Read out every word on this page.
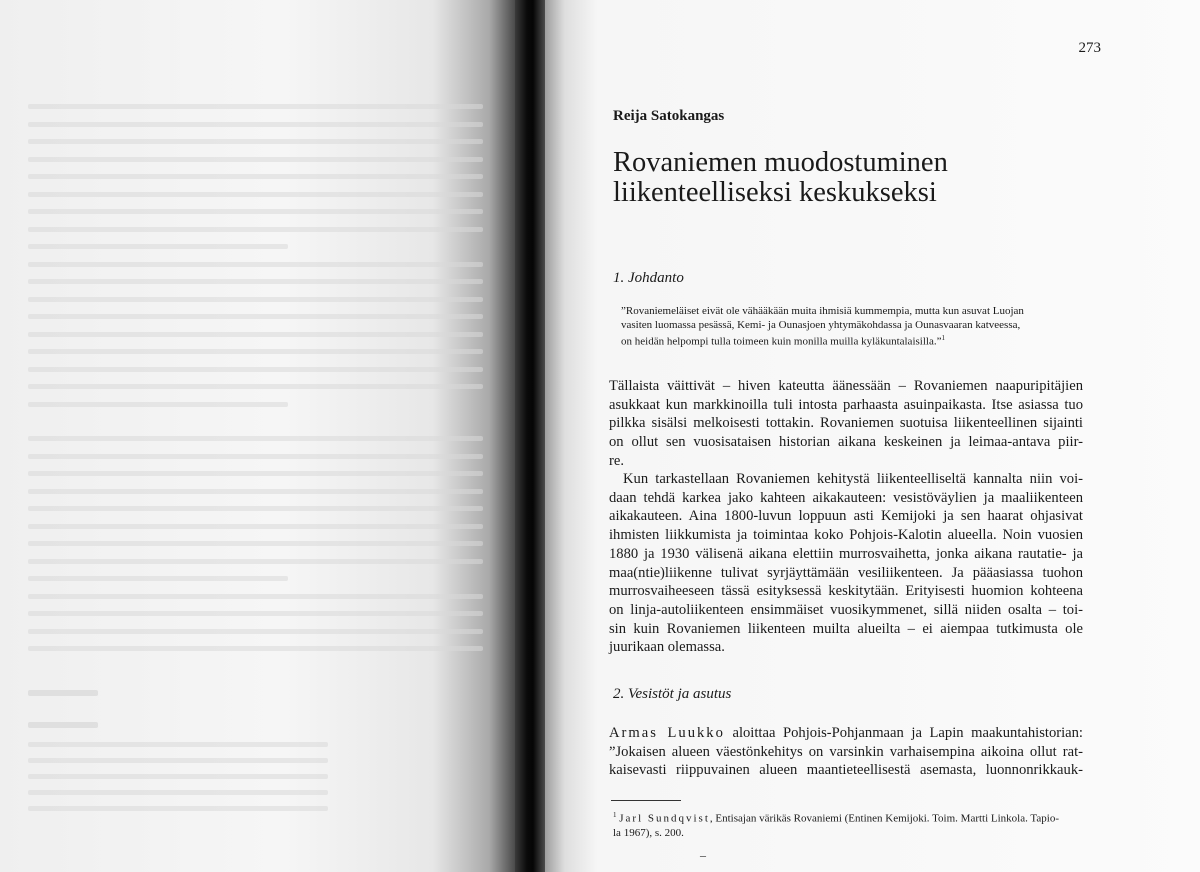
273
Reija Satokangas
Rovaniemen muodostuminen
liikenteelliseksi keskukseksi
1. Johdanto
”Rovaniemeläiset eivät ole vähääkään muita ihmisiä kummempia, mutta kun asuvat Luojan
vasiten luomassa pesässä, Kemi- ja Ounasjoen yhtymäkohdassa ja Ounasvaaran katveessa,
on heidän helpompi tulla toimeen kuin monilla muilla kyläkuntalaisilla.”$^1$
Tällaista väittivät – hiven kateutta äänessään – Rovaniemen naapuripitäjien
asukkaat kun markkinoilla tuli intosta parhaasta asuinpaikasta. Itse asiassa tuo
pilkka sisälsi melkoisesti tottakin. Rovaniemen suotuisa liikenteellinen sijainti
on ollut sen vuosisataisen historian aikana keskeinen ja leimaa-antava piir-
re.
Kun tarkastellaan Rovaniemen kehitystä liikenteelliseltä kannalta niin voi-
daan tehdä karkea jako kahteen aikakauteen: vesistöväylien ja maaliikenteen
aikakauteen. Aina 1800-luvun loppuun asti Kemijoki ja sen haarat ohjasivat
ihmisten liikkumista ja toimintaa koko Pohjois-Kalotin alueella. Noin vuosien
1880 ja 1930 välisenä aikana elettiin murrosvaihetta, jonka aikana rautatie- ja
maa(ntie)liikenne tulivat syrjäyttämään vesiliikenteen. Ja pääasiassa tuohon
murrosvaiheeseen tässä esityksessä keskitytään. Erityisesti huomion kohteena
on linja-autoliikenteen ensimmäiset vuosikymmenet, sillä niiden osalta – toi-
sin kuin Rovaniemen liikenteen muilta alueilta – ei aiempaa tutkimusta ole
juurikaan olemassa.
2. Vesistöt ja asutus
Armas Luukko aloittaa Pohjois-Pohjanmaan ja Lapin maakuntahistorian:
”Jokaisen alueen väestönkehitys on varsinkin varhaisempina aikoina ollut rat-
kaisevasti riippuvainen alueen maantieteellisestä asemasta, luonnonrikkauk-
$^1$ Jarl Sundqvist, Entisajan värikäs Rovaniemi (Entinen Kemijoki. Toim. Martti Linkola. Tapio-
la 1967), s. 200.
–
